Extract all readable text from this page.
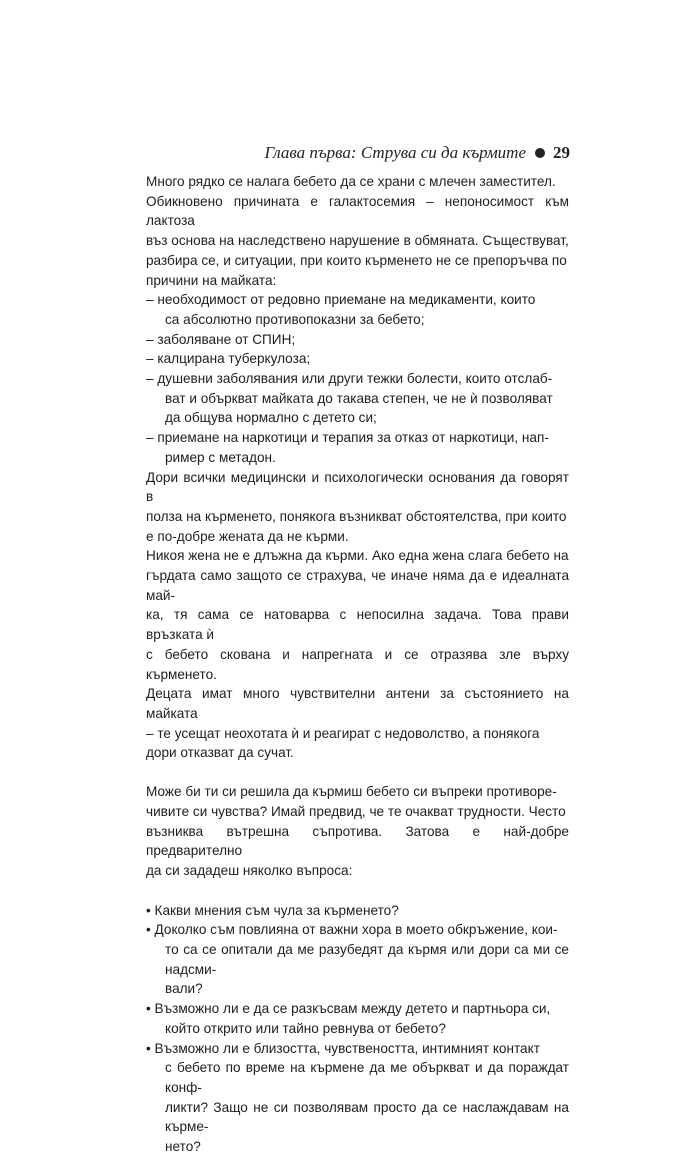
Глава първа: Стрyва си да кърмите 29

Много рядко се налага бебето да се храни с млечен заместител.

Обикновено причината е галактосемия – непоносимост към лактоза

въз основа на наследствено нарушение в обмяната. Съществуват,

разбира се, и ситуации, при които кърменето не се препоръчва по

причини на майката:

– необходимост от редовно приемане на медикаменти, които

са абсолютно противопоказни за бебето;

– заболяване от СПИН;

– калцирана туберкулоза;

– душевни заболявания или други тежки болести, които отслаб-

ват и объркват майката до такава степен, че не ѝ позволяват

да общува нормално с детето си;

– приемане на наркотици и терапия за отказ от наркотици, нап-

ример с метадон.

Дори всички медицински и психологически основания да говорят в

полза на кърменето, понякога възникват обстоятелства, при които

е по-добре жената да не кърми.

Никоя жена не е длъжна да кърми. Ако една жена слага бебето на

гърдата само защото се страхува, че иначе няма да е идеалната май-

ка, тя сама се натоварва с непосилна задача. Това прави връзката ѝ

с бебето скована и напрегната и се отразява зле върху кърменето.

Децата имат много чувствителни антени за състоянието на майката

– те усещат неохотата ѝ и реагират с недоволство, а понякога

дори отказват да сучат.

Може би ти си решила да кърмиш бебето си въпреки противоре-

чивите си чувства? Имай предвид, че те очакват трудности. Често

възниква вътрешна съпротива. Затова е най-добре предварително

да си зададеш няколко въпроса:

• Какви мнения съм чула за кърменето?

• Доколко съм повлияна от важни хора в моето обкръжение, кои-

то са се опитали да ме разубедят да кърмя или дори са ми се надсми-

вали?

• Възможно ли е да се разкъсвам между детето и партньора си,

който открито или тайно ревнува от бебето?

• Възможно ли е близостта, чувствеността, интимният контакт

с бебето по време на кърмене да ме объркват и да пораждат конф-

ликти? Защо не си позволявам просто да се наслаждавам на кърме-

нето?
